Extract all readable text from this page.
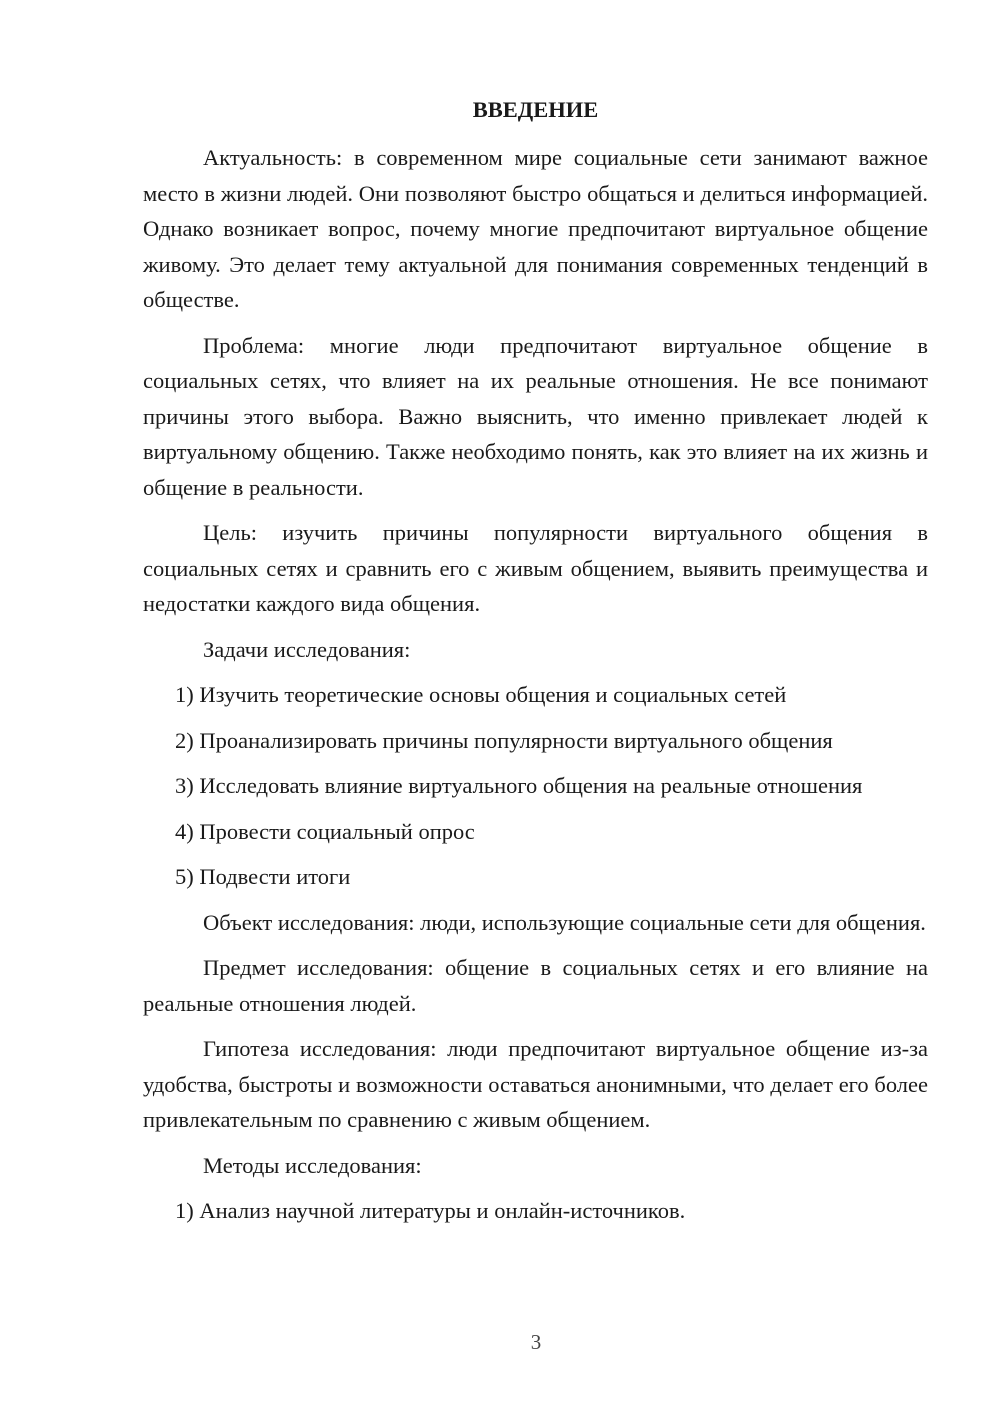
ВВЕДЕНИЕ

Актуальность: в современном мире социальные сети занимают важное место в жизни людей. Они позволяют быстро общаться и делиться информацией. Однако возникает вопрос, почему многие предпочитают виртуальное общение живому. Это делает тему актуальной для понимания современных тенденций в обществе.

Проблема: многие люди предпочитают виртуальное общение в социальных сетях, что влияет на их реальные отношения. Не все понимают причины этого выбора. Важно выяснить, что именно привлекает людей к виртуальному общению. Также необходимо понять, как это влияет на их жизнь и общение в реальности.

Цель: изучить причины популярности виртуального общения в социальных сетях и сравнить его с живым общением, выявить преимущества и недостатки каждого вида общения.

Задачи исследования:

1) Изучить теоретические основы общения и социальных сетей

2) Проанализировать причины популярности виртуального общения

3) Исследовать влияние виртуального общения на реальные отношения

4) Провести социальный опрос

5) Подвести итоги

Объект исследования: люди, использующие социальные сети для общения.

Предмет исследования: общение в социальных сетях и его влияние на реальные отношения людей.

Гипотеза исследования: люди предпочитают виртуальное общение из-за удобства, быстроты и возможности оставаться анонимными, что делает его более привлекательным по сравнению с живым общением.

Методы исследования:

1) Анализ научной литературы и онлайн-источников.

3
